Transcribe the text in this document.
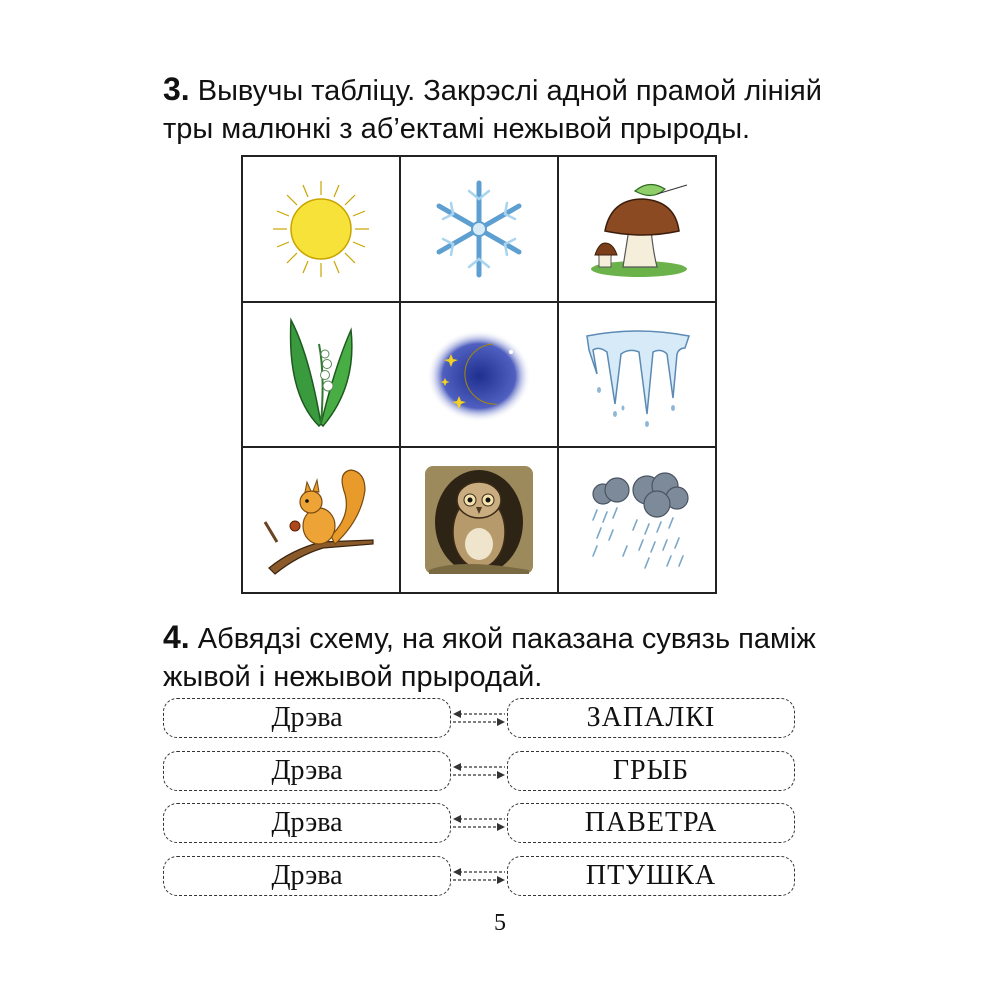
3. Вывучы табліцу. Закрэслі адной прамой лініяй
тры малюнкі з аб’ектамі нежывой прыроды.
4. Абвядзі схему, на якой паказана сувязь паміж
жывой і нежывой прыродай.
Дрэва	ЗАПАЛКІ
Дрэва	ГРЫБ
Дрэва	ПАВЕТРА
Дрэва	ПТУШКА
5
